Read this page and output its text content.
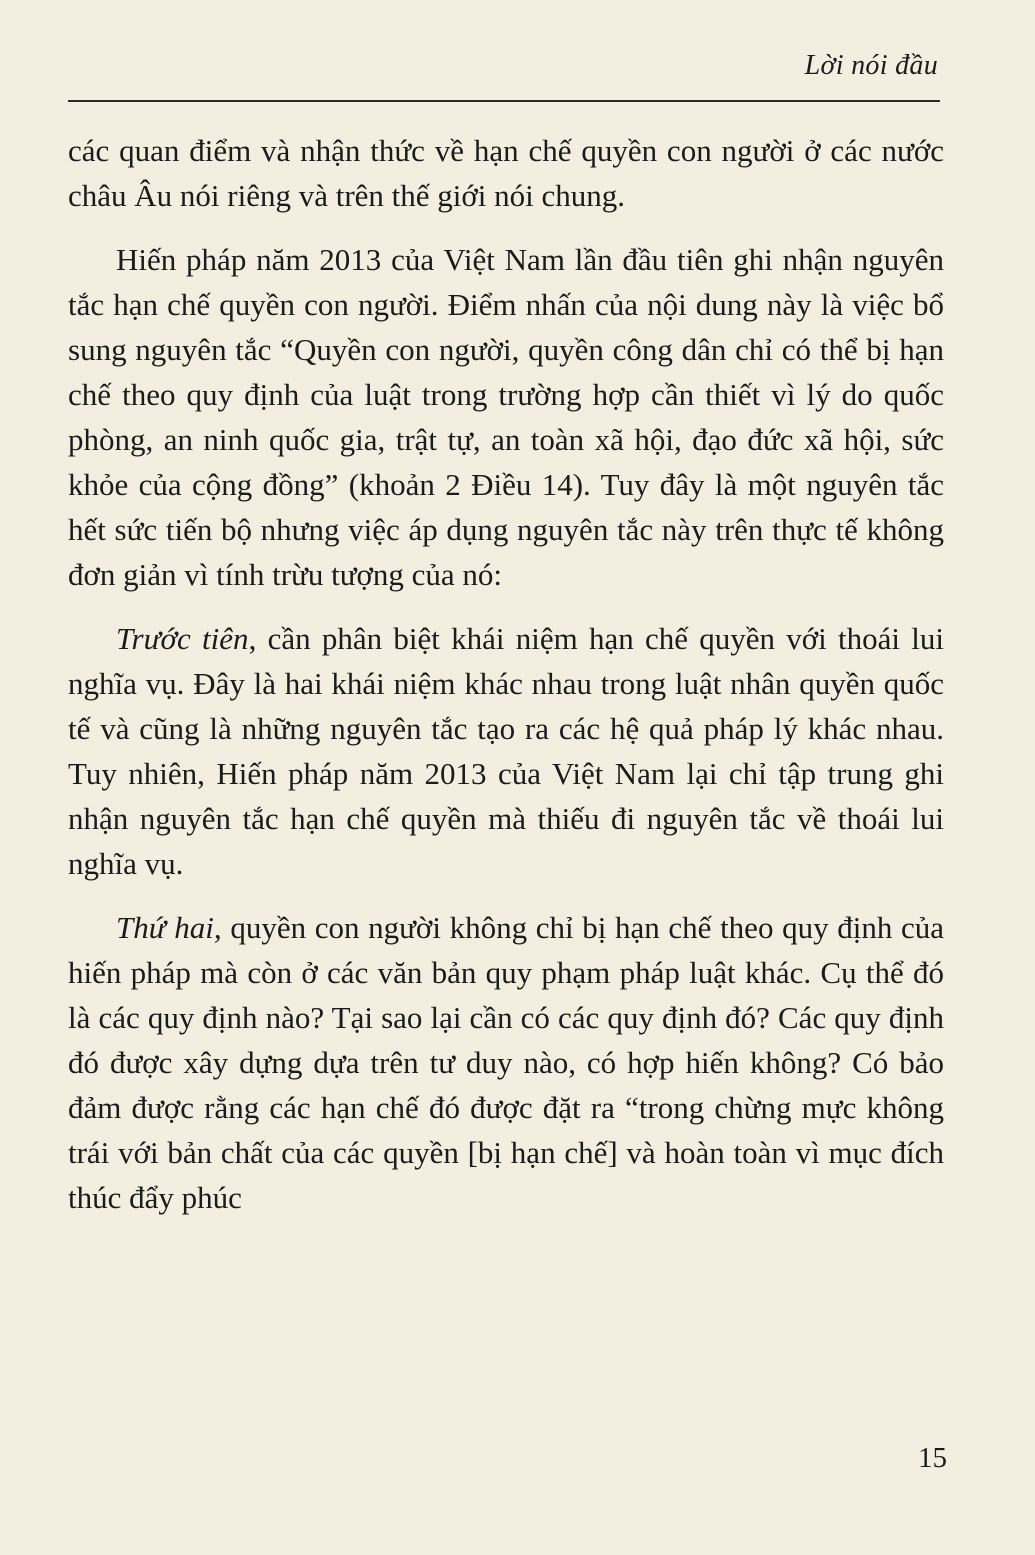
Lời nói đầu

các quan điểm và nhận thức về hạn chế quyền con người ở các nước châu Âu nói riêng và trên thế giới nói chung.

Hiến pháp năm 2013 của Việt Nam lần đầu tiên ghi nhận nguyên tắc hạn chế quyền con người. Điểm nhấn của nội dung này là việc bổ sung nguyên tắc “Quyền con người, quyền công dân chỉ có thể bị hạn chế theo quy định của luật trong trường hợp cần thiết vì lý do quốc phòng, an ninh quốc gia, trật tự, an toàn xã hội, đạo đức xã hội, sức khỏe của cộng đồng” (khoản 2 Điều 14). Tuy đây là một nguyên tắc hết sức tiến bộ nhưng việc áp dụng nguyên tắc này trên thực tế không đơn giản vì tính trừu tượng của nó:

Trước tiên, cần phân biệt khái niệm hạn chế quyền với thoái lui nghĩa vụ. Đây là hai khái niệm khác nhau trong luật nhân quyền quốc tế và cũng là những nguyên tắc tạo ra các hệ quả pháp lý khác nhau. Tuy nhiên, Hiến pháp năm 2013 của Việt Nam lại chỉ tập trung ghi nhận nguyên tắc hạn chế quyền mà thiếu đi nguyên tắc về thoái lui nghĩa vụ.

Thứ hai, quyền con người không chỉ bị hạn chế theo quy định của hiến pháp mà còn ở các văn bản quy phạm pháp luật khác. Cụ thể đó là các quy định nào? Tại sao lại cần có các quy định đó? Các quy định đó được xây dựng dựa trên tư duy nào, có hợp hiến không? Có bảo đảm được rằng các hạn chế đó được đặt ra “trong chừng mực không trái với bản chất của các quyền [bị hạn chế] và hoàn toàn vì mục đích thúc đẩy phúc

15
